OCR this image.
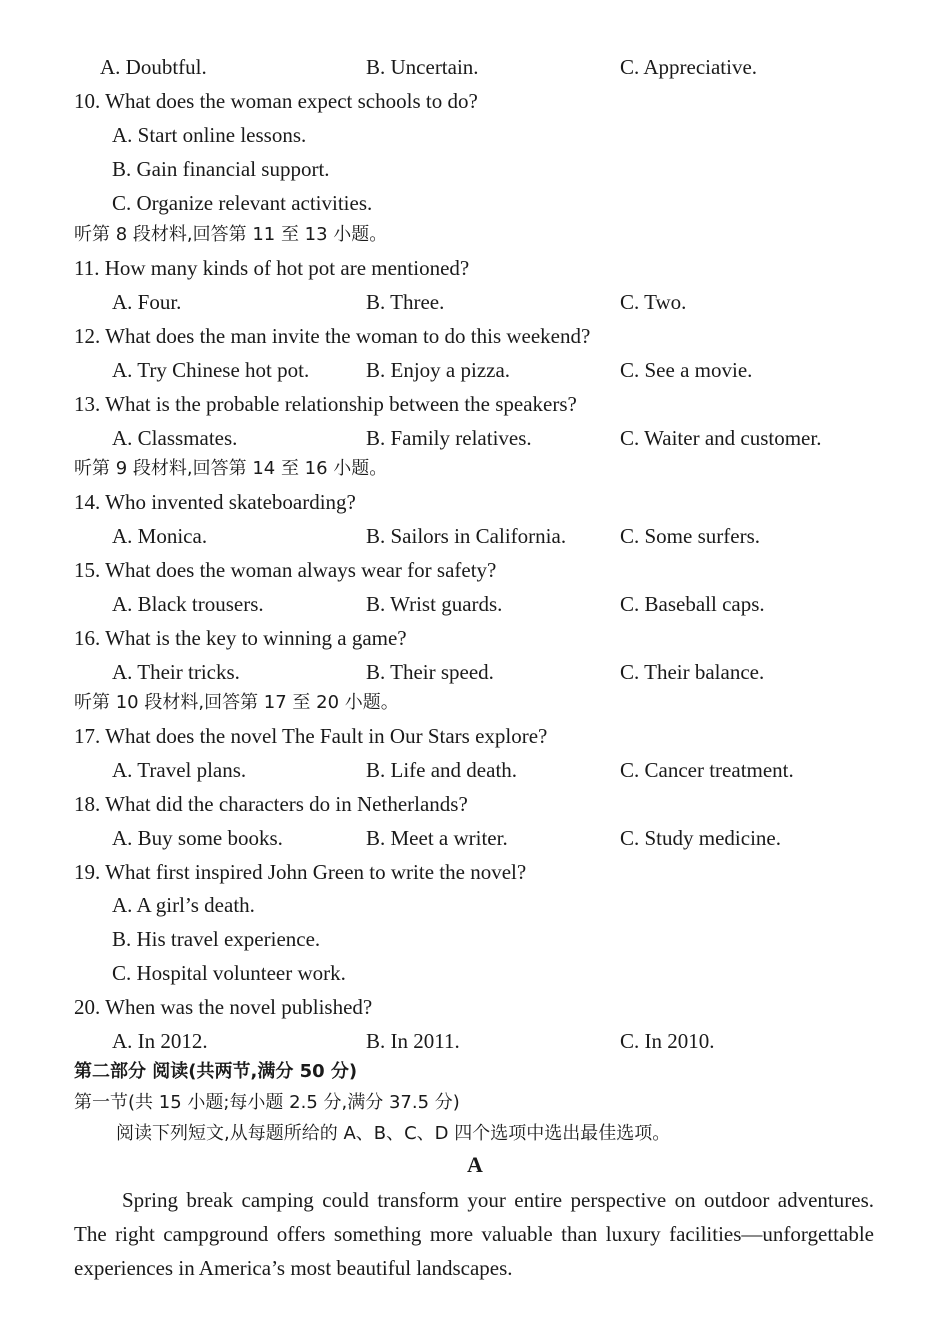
A. Doubtful.	B. Uncertain.	C. Appreciative.
10. What does the woman expect schools to do?
A. Start online lessons.
B. Gain financial support.
C. Organize relevant activities.
听第 8 段材料,回答第 11 至 13 小题。
11. How many kinds of hot pot are mentioned?
A. Four.	B. Three.	C. Two.
12. What does the man invite the woman to do this weekend?
A. Try Chinese hot pot.	B. Enjoy a pizza.	C. See a movie.
13. What is the probable relationship between the speakers?
A. Classmates.	B. Family relatives.	C. Waiter and customer.
听第 9 段材料,回答第 14 至 16 小题。
14. Who invented skateboarding?
A. Monica.	B. Sailors in California.	C. Some surfers.
15. What does the woman always wear for safety?
A. Black trousers.	B. Wrist guards.	C. Baseball caps.
16. What is the key to winning a game?
A. Their tricks.	B. Their speed.	C. Their balance.
听第 10 段材料,回答第 17 至 20 小题。
17. What does the novel The Fault in Our Stars explore?
A. Travel plans.	B. Life and death.	C. Cancer treatment.
18. What did the characters do in Netherlands?
A. Buy some books.	B. Meet a writer.	C. Study medicine.
19. What first inspired John Green to write the novel?
A. A girl’s death.
B. His travel experience.
C. Hospital volunteer work.
20. When was the novel published?
A. In 2012.	B. In 2011.	C. In 2010.
第二部分 阅读(共两节,满分 50 分)
第一节(共 15 小题;每小题 2.5 分,满分 37.5 分)
阅读下列短文,从每题所给的 A、B、C、D 四个选项中选出最佳选项。
A
Spring break camping could transform your entire perspective on outdoor adventures. The right campground offers something more valuable than luxury facilities—unforgettable experiences in America’s most beautiful landscapes.
